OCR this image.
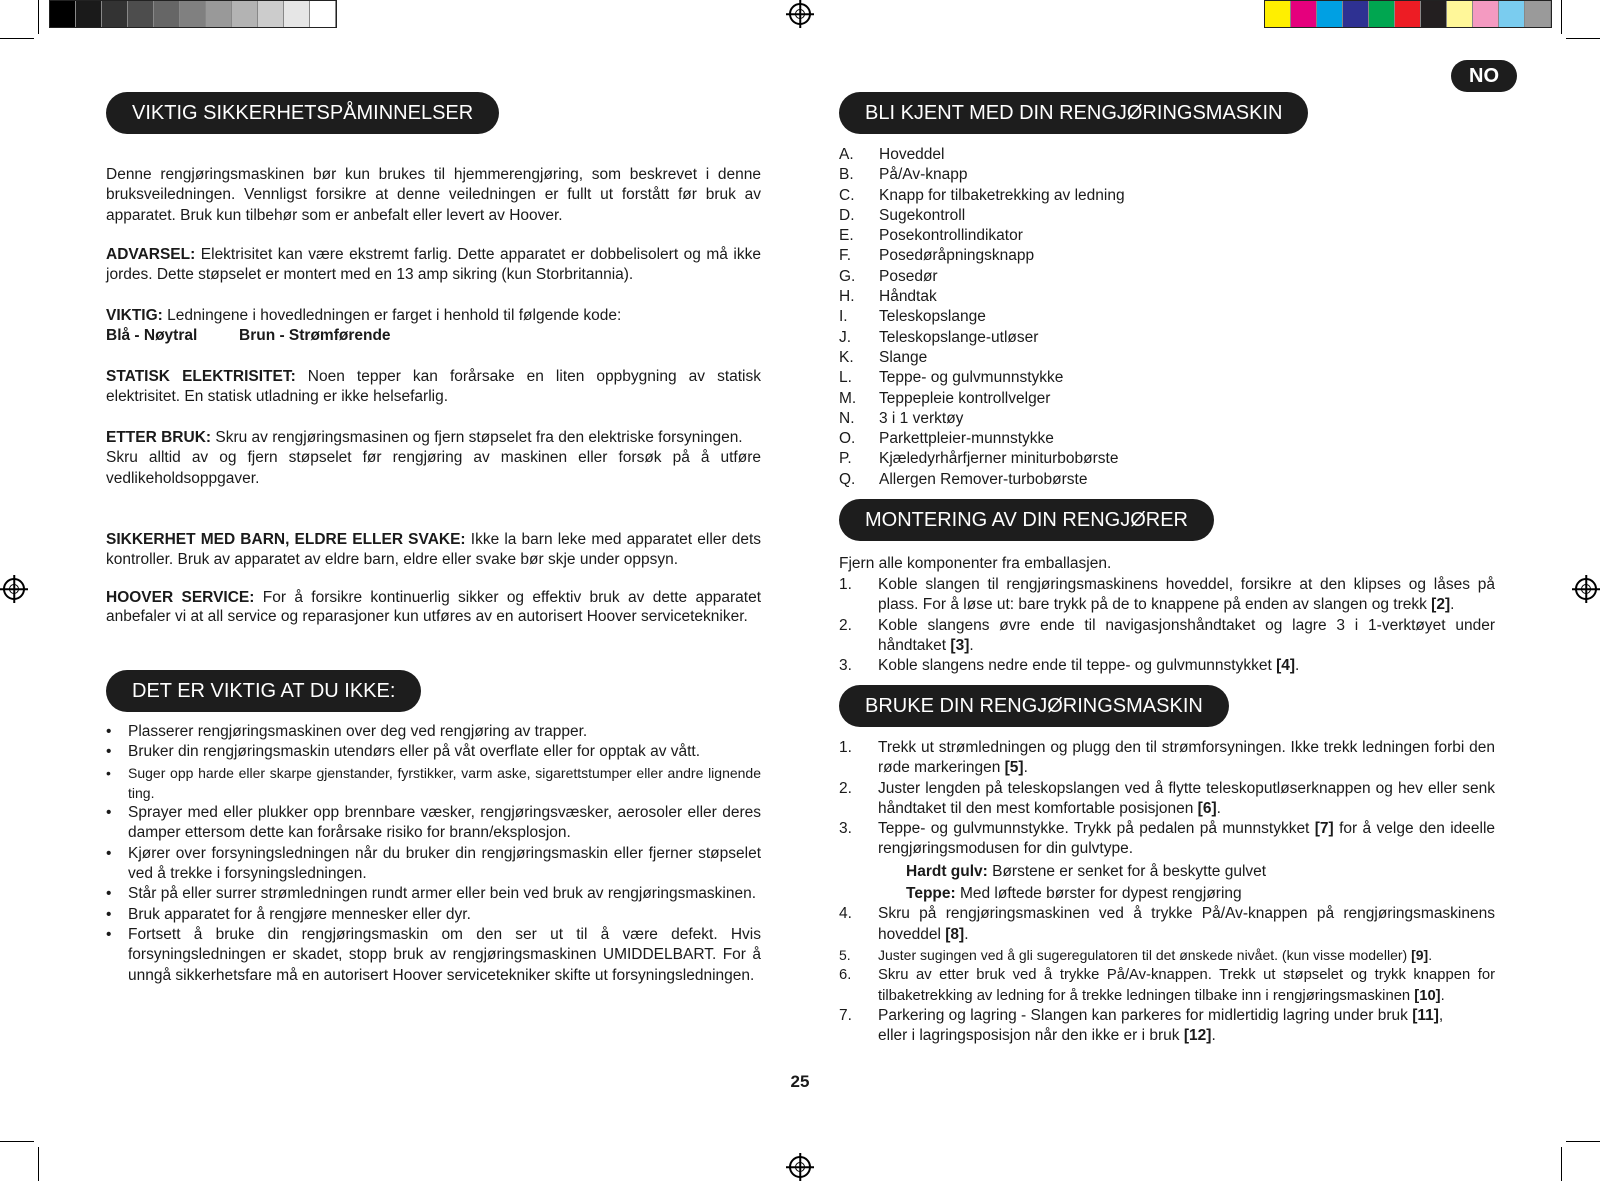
NO
VIKTIG SIKKERHETSPÅMINNELSER
Denne rengjøringsmaskinen bør kun brukes til hjemmerengjøring, som beskrevet i denne bruksveiledningen. Vennligst forsikre at denne veiledningen er fullt ut forstått før bruk av apparatet. Bruk kun tilbehør som er anbefalt eller levert av Hoover.
ADVARSEL: Elektrisitet kan være ekstremt farlig. Dette apparatet er dobbelisolert og må ikke jordes. Dette støpselet er montert med en 13 amp sikring (kun Storbritannia).
VIKTIG: Ledningene i hovedledningen er farget i henhold til følgende kode:
Blå - Nøytral	Brun - Strømførende
STATISK ELEKTRISITET: Noen tepper kan forårsake en liten oppbygning av statisk elektrisitet. En statisk utladning er ikke helsefarlig.
ETTER BRUK: Skru av rengjøringsmasinen og fjern støpselet fra den elektriske forsyningen.
Skru alltid av og fjern støpselet før rengjøring av maskinen eller forsøk på å utføre vedlikeholdsoppgaver.
SIKKERHET MED BARN, ELDRE ELLER SVAKE: Ikke la barn leke med apparatet eller dets kontroller. Bruk av apparatet av eldre barn, eldre eller svake bør skje under oppsyn.
HOOVER SERVICE: For å forsikre kontinuerlig sikker og effektiv bruk av dette apparatet anbefaler vi at all service og reparasjoner kun utføres av en autorisert Hoover servicetekniker.
DET ER VIKTIG AT DU IKKE:
• Plasserer rengjøringsmaskinen over deg ved rengjøring av trapper.
• Bruker din rengjøringsmaskin utendørs eller på våt overflate eller for opptak av vått.
• Suger opp harde eller skarpe gjenstander, fyrstikker, varm aske, sigarettstumper eller andre lignende ting.
• Sprayer med eller plukker opp brennbare væsker, rengjøringsvæsker, aerosoler eller deres damper ettersom dette kan forårsake risiko for brann/eksplosjon.
• Kjører over forsyningsledningen når du bruker din rengjøringsmaskin eller fjerner støpselet ved å trekke i forsyningsledningen.
• Står på eller surrer strømledningen rundt armer eller bein ved bruk av rengjøringsmaskinen.
• Bruk apparatet for å rengjøre mennesker eller dyr.
• Fortsett å bruke din rengjøringsmaskin om den ser ut til å være defekt. Hvis forsyningsledningen er skadet, stopp bruk av rengjøringsmaskinen UMIDDELBART. For å unngå sikkerhetsfare må en autorisert Hoover servicetekniker skifte ut forsyningsledningen.
BLI KJENT MED DIN RENGJØRINGSMASKIN
A. Hoveddel
B. På/Av-knapp
C. Knapp for tilbaketrekking av ledning
D. Sugekontroll
E. Posekontrollindikator
F. Posedøråpningsknapp
G. Posedør
H. Håndtak
I. Teleskopslange
J. Teleskopslange-utløser
K. Slange
L. Teppe- og gulvmunnstykke
M. Teppepleie kontrollvelger
N. 3 i 1 verktøy
O. Parkettpleier-munnstykke
P. Kjæledyrhårfjerner miniturbobørste
Q. Allergen Remover-turbobørste
MONTERING AV DIN RENGJØRER
Fjern alle komponenter fra emballasjen.
1. Koble slangen til rengjøringsmaskinens hoveddel, forsikre at den klipses og låses på plass. For å løse ut: bare trykk på de to knappene på enden av slangen og trekk [2].
2. Koble slangens øvre ende til navigasjonshåndtaket og lagre 3 i 1-verktøyet under håndtaket [3].
3. Koble slangens nedre ende til teppe- og gulvmunnstykket [4].
BRUKE DIN RENGJØRINGSMASKIN
1. Trekk ut strømledningen og plugg den til strømforsyningen. Ikke trekk ledningen forbi den røde markeringen [5].
2. Juster lengden på teleskopslangen ved å flytte teleskoputløserknappen og hev eller senk håndtaket til den mest komfortable posisjonen [6].
3. Teppe- og gulvmunnstykke. Trykk på pedalen på munnstykket [7] for å velge den ideelle rengjøringsmodusen for din gulvtype.
Hardt gulv: Børstene er senket for å beskytte gulvet
Teppe: Med løftede børster for dypest rengjøring
4. Skru på rengjøringsmaskinen ved å trykke På/Av-knappen på rengjøringsmaskinens hoveddel [8].
5. Juster sugingen ved å gli sugeregulatoren til det ønskede nivået. (kun visse modeller) [9].
6. Skru av etter bruk ved å trykke På/Av-knappen. Trekk ut støpselet og trykk knappen for tilbaketrekking av ledning for å trekke ledningen tilbake inn i rengjøringsmaskinen [10].
7. Parkering og lagring - Slangen kan parkeres for midlertidig lagring under bruk [11],
eller i lagringsposisjon når den ikke er i bruk [12].
25
